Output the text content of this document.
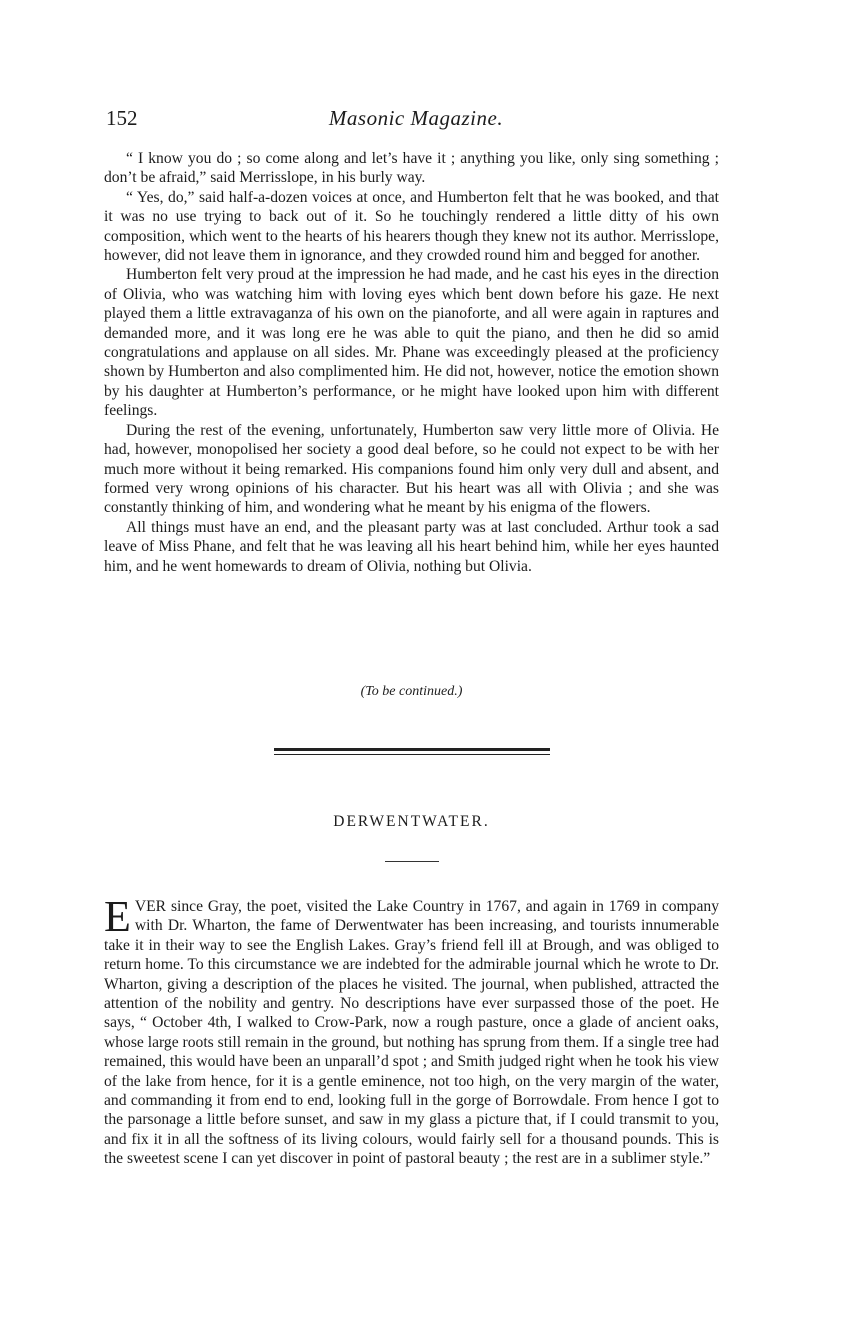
152	Masonic Magazine.

“ I know you do ; so come along and let’s have it ; anything you like, only sing something ; don’t be afraid,” said Merrisslope, in his burly way.

“ Yes, do,” said half-a-dozen voices at once, and Humberton felt that he was booked, and that it was no use trying to back out of it. So he touchingly rendered a little ditty of his own composition, which went to the hearts of his hearers though they knew not its author. Merrisslope, however, did not leave them in ignorance, and they crowded round him and begged for another.

Humberton felt very proud at the impression he had made, and he cast his eyes in the direction of Olivia, who was watching him with loving eyes which bent down before his gaze. He next played them a little extravaganza of his own on the pianoforte, and all were again in raptures and demanded more, and it was long ere he was able to quit the piano, and then he did so amid congratulations and applause on all sides. Mr. Phane was exceedingly pleased at the proficiency shown by Humberton and also complimented him. He did not, however, notice the emotion shown by his daughter at Humberton’s performance, or he might have looked upon him with different feelings.

During the rest of the evening, unfortunately, Humberton saw very little more of Olivia. He had, however, monopolised her society a good deal before, so he could not expect to be with her much more without it being remarked. His companions found him only very dull and absent, and formed very wrong opinions of his character. But his heart was all with Olivia ; and she was constantly thinking of him, and wondering what he meant by his enigma of the flowers.

All things must have an end, and the pleasant party was at last concluded. Arthur took a sad leave of Miss Phane, and felt that he was leaving all his heart behind him, while her eyes haunted him, and he went homewards to dream of Olivia, nothing but Olivia.

(To be continued.)
DERWENTWATER.

EVER since Gray, the poet, visited the Lake Country in 1767, and again in 1769 in company with Dr. Wharton, the fame of Derwentwater has been increasing, and tourists innumerable take it in their way to see the English Lakes. Gray’s friend fell ill at Brough, and was obliged to return home. To this circumstance we are indebted for the admirable journal which he wrote to Dr. Wharton, giving a description of the places he visited. The journal, when published, attracted the attention of the nobility and gentry. No descriptions have ever surpassed those of the poet. He says, “ October 4th, I walked to Crow-Park, now a rough pasture, once a glade of ancient oaks, whose large roots still remain in the ground, but nothing has sprung from them. If a single tree had remained, this would have been an unparall’d spot ; and Smith judged right when he took his view of the lake from hence, for it is a gentle eminence, not too high, on the very margin of the water, and commanding it from end to end, looking full in the gorge of Borrowdale. From hence I got to the parsonage a little before sunset, and saw in my glass a picture that, if I could transmit to you, and fix it in all the softness of its living colours, would fairly sell for a thousand pounds. This is the sweetest scene I can yet discover in point of pastoral beauty ; the rest are in a sublimer style.”
